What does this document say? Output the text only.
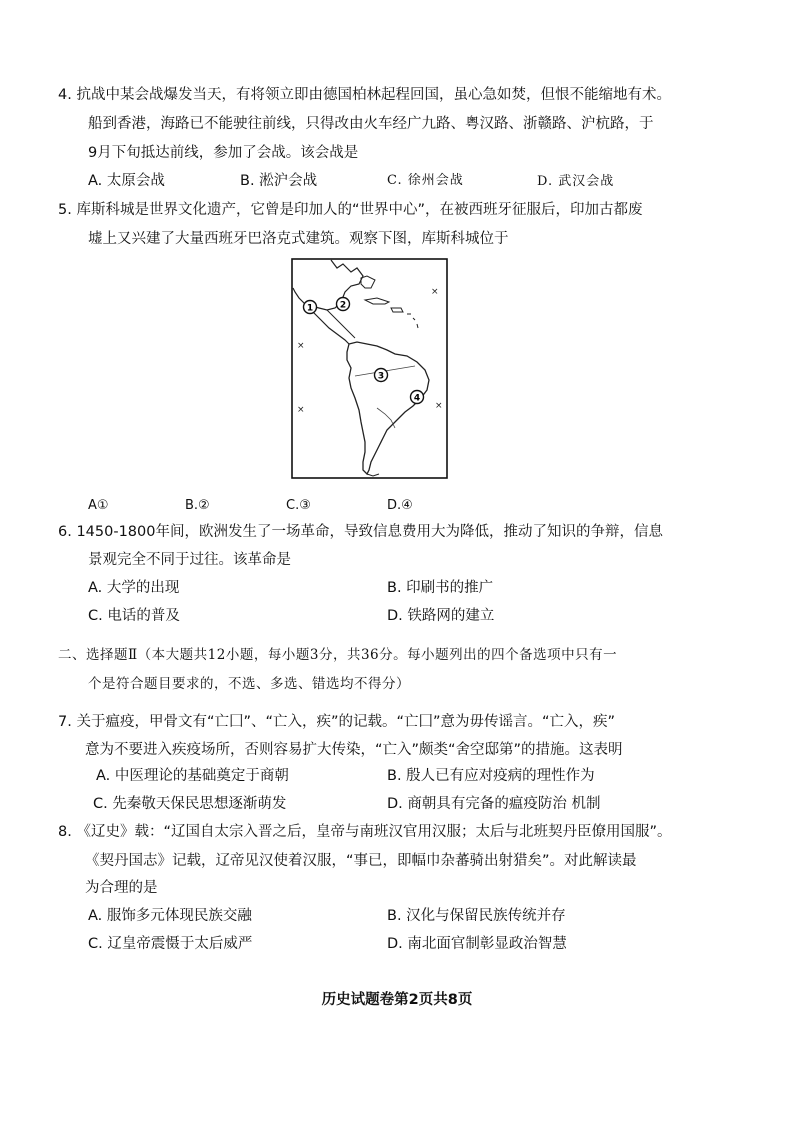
4. 抗战中某会战爆发当天，有将领立即由德国柏林起程回国，虽心急如焚，但恨不能缩地有术。
船到香港，海路已不能驶往前线，只得改由火车经广九路、粤汉路、浙赣路、沪杭路，于
9月下旬抵达前线，参加了会战。该会战是
A. 太原会战	B. 淞沪会战	C. 徐州会战	D. 武汉会战
5. 库斯科城是世界文化遗产，它曾是印加人的“世界中心”，在被西班牙征服后，印加古都废
墟上又兴建了大量西班牙巴洛克式建筑。观察下图，库斯科城位于
×
×
×	×
1	2
3
4
A①	B.②	C.③	D.④
6. 1450-1800年间，欧洲发生了一场革命，导致信息费用大为降低，推动了知识的争辩，信息
景观完全不同于过往。该革命是
A. 大学的出现	B. 印刷书的推广
C. 电话的普及	D. 铁路网的建立
二、选择题Ⅱ（本大题共12小题，每小题3分，共36分。每小题列出的四个备选项中只有一
个是符合题目要求的，不选、多选、错选均不得分）
7. 关于瘟疫，甲骨文有“亡囗”、“亡入，疾”的记载。“亡囗”意为毋传谣言。“亡入，疾”
意为不要进入疾疫场所，否则容易扩大传染，“亡入”颇类“舍空邸第”的措施。这表明
A. 中医理论的基础奠定于商朝	B. 殷人已有应对疫病的理性作为
C. 先秦敬天保民思想逐渐萌发	D. 商朝具有完备的瘟疫防治 机制
8. 《辽史》载：“辽国自太宗入晋之后，皇帝与南班汉官用汉服；太后与北班契丹臣僚用国服”。
《契丹国志》记载，辽帝见汉使着汉服，“事已，即幅巾杂蕃骑出射猎矣”。对此解读最
为合理的是
A. 服饰多元体现民族交融	B. 汉化与保留民族传统并存
C. 辽皇帝震慑于太后威严	D. 南北面官制彰显政治智慧
历史试题卷第2页共8页
